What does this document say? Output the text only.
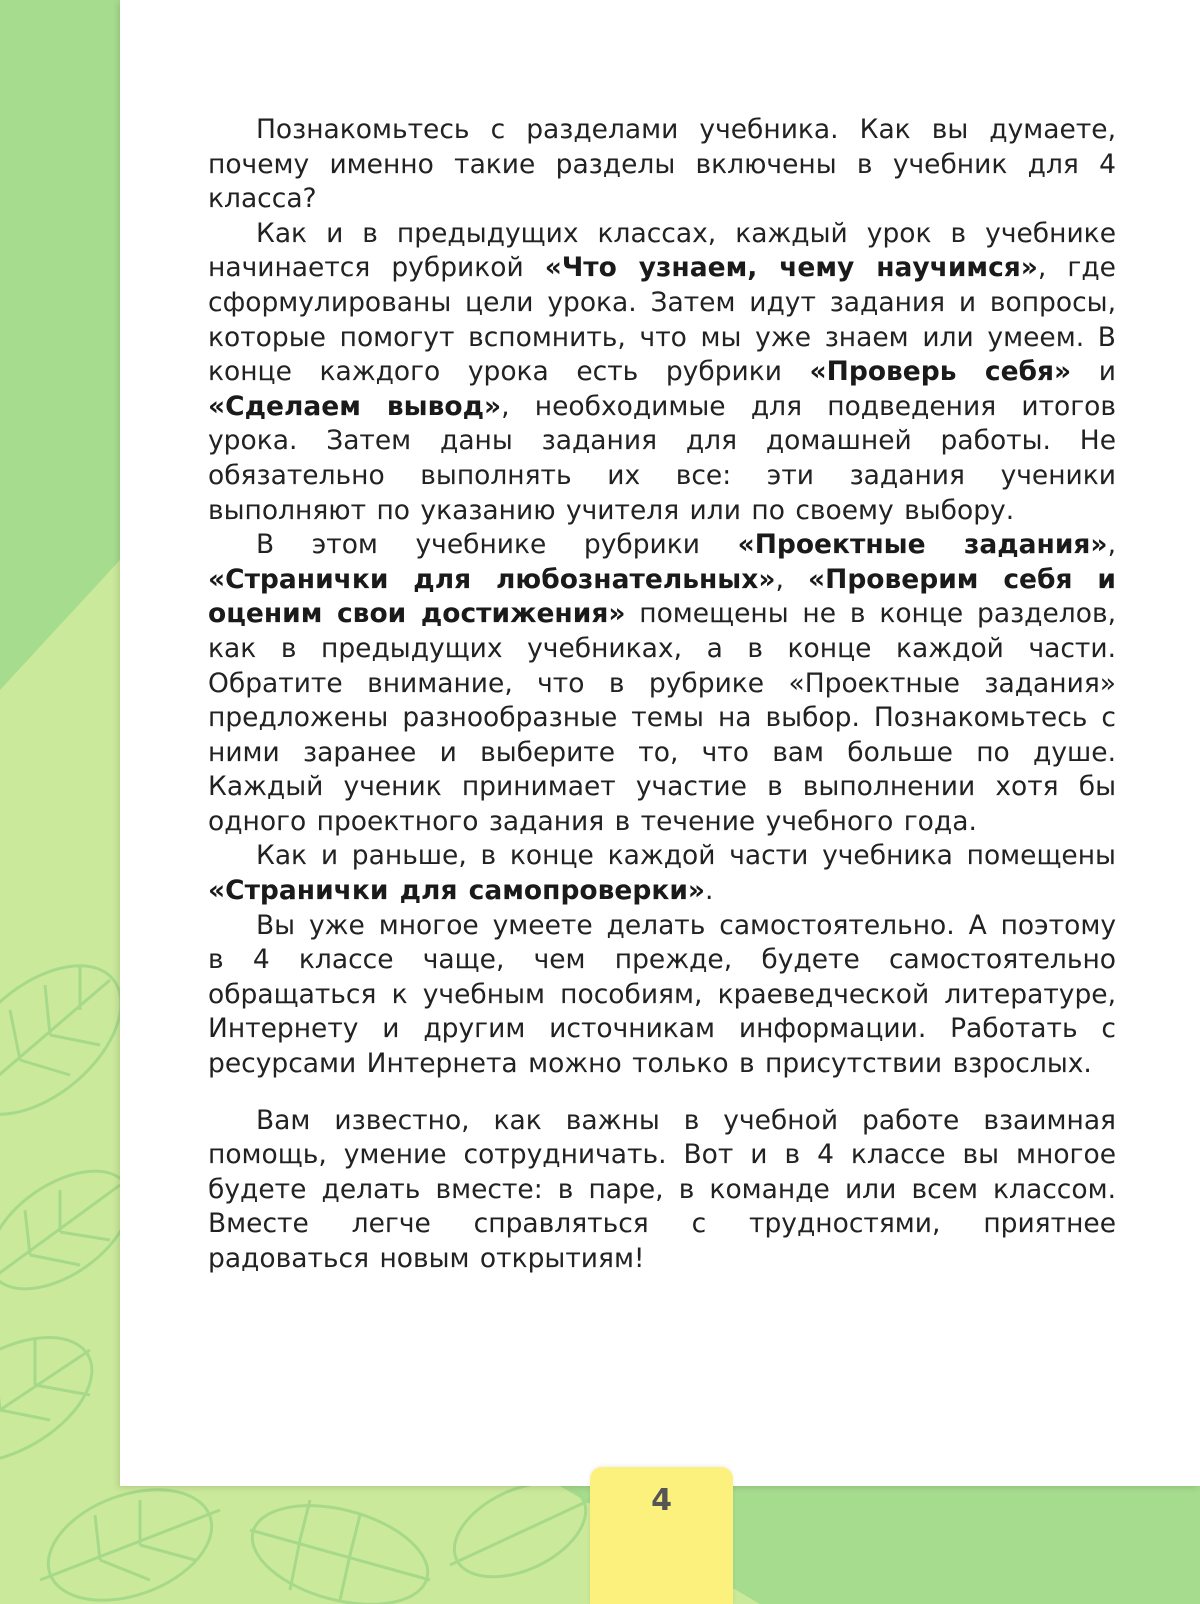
Познакомьтесь с разделами учебника. Как вы думаете, почему именно такие разделы включены в учебник для 4 класса?

Как и в предыдущих классах, каждый урок в учебнике начинается рубрикой «Что узнаем, чему научимся», где сформулированы цели урока. Затем идут задания и вопросы, которые помогут вспомнить, что мы уже знаем или умеем. В конце каждого урока есть рубрики «Проверь себя» и «Сделаем вывод», необходимые для подведения итогов урока. Затем даны задания для домашней работы. Не обязательно выполнять их все: эти задания ученики выполняют по указанию учителя или по своему выбору.

В этом учебнике рубрики «Проектные задания», «Странички для любознательных», «Проверим себя и оценим свои достижения» помещены не в конце разделов, как в предыдущих учебниках, а в конце каждой части. Обратите внимание, что в рубрике «Проектные задания» предложены разнообразные темы на выбор. Познакомьтесь с ними заранее и выберите то, что вам больше по душе. Каждый ученик принимает участие в выполнении хотя бы одного проектного задания в течение учебного года.

Как и раньше, в конце каждой части учебника помещены «Странички для самопроверки».

Вы уже многое умеете делать самостоятельно. А поэтому в 4 классе чаще, чем прежде, будете самостоятельно обращаться к учебным пособиям, краеведческой литературе, Интернету и другим источникам информации. Работать с ресурсами Интернета можно только в присутствии взрослых.

Вам известно, как важны в учебной работе взаимная помощь, умение сотрудничать. Вот и в 4 классе вы многое будете делать вместе: в паре, в команде или всем классом. Вместе легче справляться с трудностями, приятнее радоваться новым открытиям!

4
